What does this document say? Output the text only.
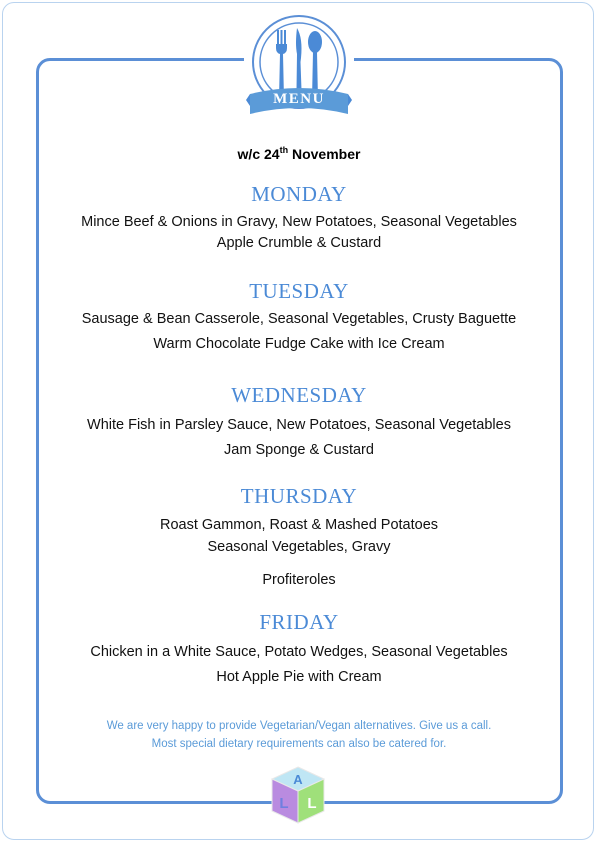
MENU
w/c 24th November
MONDAY
Mince Beef & Onions in Gravy, New Potatoes, Seasonal Vegetables
Apple Crumble & Custard
TUESDAY
Sausage & Bean Casserole, Seasonal Vegetables, Crusty Baguette
Warm Chocolate Fudge Cake with Ice Cream
WEDNESDAY
White Fish in Parsley Sauce, New Potatoes, Seasonal Vegetables
Jam Sponge & Custard
THURSDAY
Roast Gammon, Roast & Mashed Potatoes
Seasonal Vegetables, Gravy
Profiteroles
FRIDAY
Chicken in a White Sauce, Potato Wedges, Seasonal Vegetables
Hot Apple Pie with Cream
We are very happy to provide Vegetarian/Vegan alternatives. Give us a call.
Most special dietary requirements can also be catered for.
A
L L
